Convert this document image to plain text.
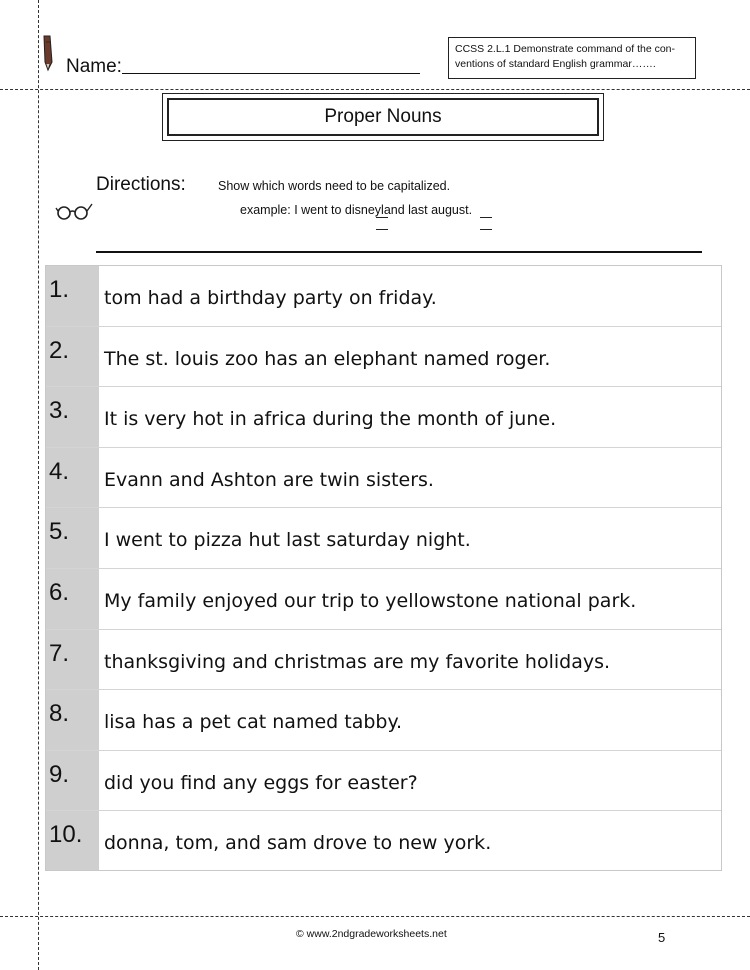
Name:
CCSS 2.L.1 Demonstrate command of the con-
ventions of standard English grammar…….
Proper Nouns
Directions:	Show which words need to be capitalized.
example: I went to disneyland last august.
1. tom had a birthday party on friday.
2. The st. louis zoo has an elephant named roger.
3. It is very hot in africa during the month of june.
4. Evann and Ashton are twin sisters.
5. I went to pizza hut last saturday night.
6. My family enjoyed our trip to yellowstone national park.
7. thanksgiving and christmas are my favorite holidays.
8. lisa has a pet cat named tabby.
9. did you find any eggs for easter?
10. donna, tom, and sam drove to new york.
© www.2ndgradeworksheets.net	5
